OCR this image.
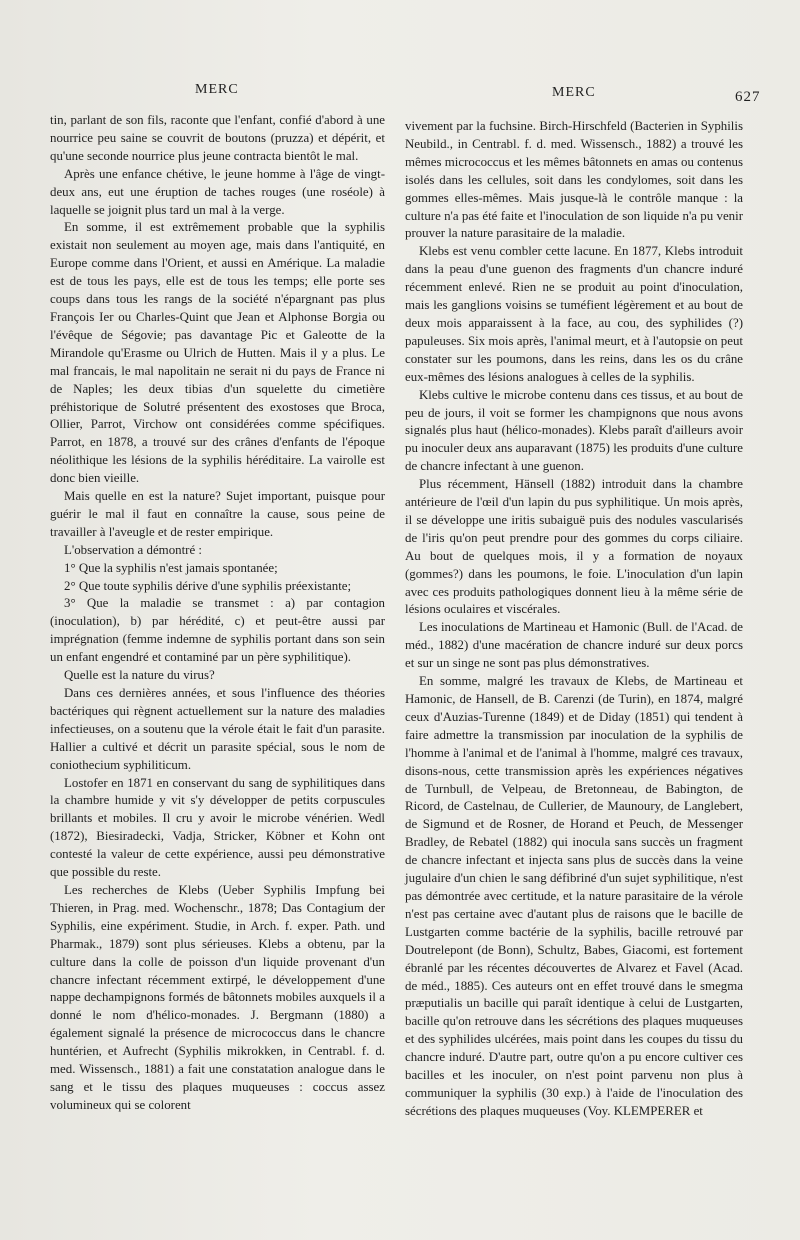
MERC	MERC	627

tin, parlant de son fils, raconte que l'enfant, confié d'abord à une nourrice peu saine se couvrit de boutons (pruzza) et dépérit, et qu'une seconde nourrice plus jeune contracta bientôt le mal.

Après une enfance chétive, le jeune homme à l'âge de vingt-deux ans, eut une éruption de taches rouges (une roséole) à laquelle se joignit plus tard un mal à la verge.

En somme, il est extrêmement probable que la syphilis existait non seulement au moyen age, mais dans l'antiquité, en Europe comme dans l'Orient, et aussi en Amérique. La maladie est de tous les pays, elle est de tous les temps; elle porte ses coups dans tous les rangs de la société n'épargnant pas plus François Ier ou Charles-Quint que Jean et Alphonse Borgia ou l'évêque de Ségovie; pas davantage Pic et Galeotte de la Mirandole qu'Erasme ou Ulrich de Hutten. Mais il y a plus. Le mal francais, le mal napolitain ne serait ni du pays de France ni de Naples; les deux tibias d'un squelette du cimetière préhistorique de Solutré présentent des exostoses que Broca, Ollier, Parrot, Virchow ont considérées comme spécifiques. Parrot, en 1878, a trouvé sur des crânes d'enfants de l'époque néolithique les lésions de la syphilis héréditaire. La vairolle est donc bien vieille.

Mais quelle en est la nature? Sujet important, puisque pour guérir le mal il faut en connaître la cause, sous peine de travailler à l'aveugle et de rester empirique.

L'observation a démontré :

1° Que la syphilis n'est jamais spontanée;

2° Que toute syphilis dérive d'une syphilis préexistante;

3° Que la maladie se transmet : a) par contagion (inoculation), b) par hérédité, c) et peut-être aussi par imprégnation (femme indemne de syphilis portant dans son sein un enfant engendré et contaminé par un père syphilitique).

Quelle est la nature du virus?

Dans ces dernières années, et sous l'influence des théories bactériques qui règnent actuellement sur la nature des maladies infectieuses, on a soutenu que la vérole était le fait d'un parasite. Hallier a cultivé et décrit un parasite spécial, sous le nom de coniothecium syphiliticum.

Lostofer en 1871 en conservant du sang de syphilitiques dans la chambre humide y vit s'y développer de petits corpuscules brillants et mobiles. Il cru y avoir le microbe vénérien. Wedl (1872), Biesiradecki, Vadja, Stricker, Köbner et Kohn ont contesté la valeur de cette expérience, aussi peu démonstrative que possible du reste.

Les recherches de Klebs (Ueber Syphilis Impfung bei Thieren, in Prag. med. Wochenschr., 1878; Das Contagium der Syphilis, eine expériment. Studie, in Arch. f. exper. Path. und Pharmak., 1879) sont plus sérieuses. Klebs a obtenu, par la culture dans la colle de poisson d'un liquide provenant d'un chancre infectant récemment extirpé, le développement d'une nappe dechampignons formés de bâtonnets mobiles auxquels il a donné le nom d'hélico-monades. J. Bergmann (1880) a également signalé la présence de micrococcus dans le chancre huntérien, et Aufrecht (Syphilis mikrokken, in Centrabl. f. d. med. Wissensch., 1881) a fait une constatation analogue dans le sang et le tissu des plaques muqueuses : coccus assez volumineux qui se colorent

vivement par la fuchsine. Birch-Hirschfeld (Bacterien in Syphilis Neubild., in Centrabl. f. d. med. Wissensch., 1882) a trouvé les mêmes micrococcus et les mêmes bâtonnets en amas ou contenus isolés dans les cellules, soit dans les condylomes, soit dans les gommes elles-mêmes. Mais jusque-là le contrôle manque : la culture n'a pas été faite et l'inoculation de son liquide n'a pu venir prouver la nature parasitaire de la maladie.

Klebs est venu combler cette lacune. En 1877, Klebs introduit dans la peau d'une guenon des fragments d'un chancre induré récemment enlevé. Rien ne se produit au point d'inoculation, mais les ganglions voisins se tuméfient légèrement et au bout de deux mois apparaissent à la face, au cou, des syphilides (?) papuleuses. Six mois après, l'animal meurt, et à l'autopsie on peut constater sur les poumons, dans les reins, dans les os du crâne eux-mêmes des lésions analogues à celles de la syphilis.

Klebs cultive le microbe contenu dans ces tissus, et au bout de peu de jours, il voit se former les champignons que nous avons signalés plus haut (hélico-monades). Klebs paraît d'ailleurs avoir pu inoculer deux ans auparavant (1875) les produits d'une culture de chancre infectant à une guenon.

Plus récemment, Hänsell (1882) introduit dans la chambre antérieure de l'œil d'un lapin du pus syphilitique. Un mois après, il se développe une iritis subaiguë puis des nodules vascularisés de l'iris qu'on peut prendre pour des gommes du corps ciliaire. Au bout de quelques mois, il y a formation de noyaux (gommes?) dans les poumons, le foie. L'inoculation d'un lapin avec ces produits pathologiques donnent lieu à la même série de lésions oculaires et viscérales.

Les inoculations de Martineau et Hamonic (Bull. de l'Acad. de méd., 1882) d'une macération de chancre induré sur deux porcs et sur un singe ne sont pas plus démonstratives.

En somme, malgré les travaux de Klebs, de Martineau et Hamonic, de Hansell, de B. Carenzi (de Turin), en 1874, malgré ceux d'Auzias-Turenne (1849) et de Diday (1851) qui tendent à faire admettre la transmission par inoculation de la syphilis de l'homme à l'animal et de l'animal à l'homme, malgré ces travaux, disons-nous, cette transmission après les expériences négatives de Turnbull, de Velpeau, de Bretonneau, de Babington, de Ricord, de Castelnau, de Cullerier, de Maunoury, de Langlebert, de Sigmund et de Rosner, de Horand et Peuch, de Messenger Bradley, de Rebatel (1882) qui inocula sans succès un fragment de chancre infectant et injecta sans plus de succès dans la veine jugulaire d'un chien le sang défibriné d'un sujet syphilitique, n'est pas démontrée avec certitude, et la nature parasitaire de la vérole n'est pas certaine avec d'autant plus de raisons que le bacille de Lustgarten comme bactérie de la syphilis, bacille retrouvé par Doutrelepont (de Bonn), Schultz, Babes, Giacomi, est fortement ébranlé par les récentes découvertes de Alvarez et Favel (Acad. de méd., 1885). Ces auteurs ont en effet trouvé dans le smegma præputialis un bacille qui paraît identique à celui de Lustgarten, bacille qu'on retrouve dans les sécrétions des plaques muqueuses et des syphilides ulcérées, mais point dans les coupes du tissu du chancre induré. D'autre part, outre qu'on a pu encore cultiver ces bacilles et les inoculer, on n'est point parvenu non plus à communiquer la syphilis (30 exp.) à l'aide de l'inoculation des sécrétions des plaques muqueuses (Voy. KLEMPERER et
